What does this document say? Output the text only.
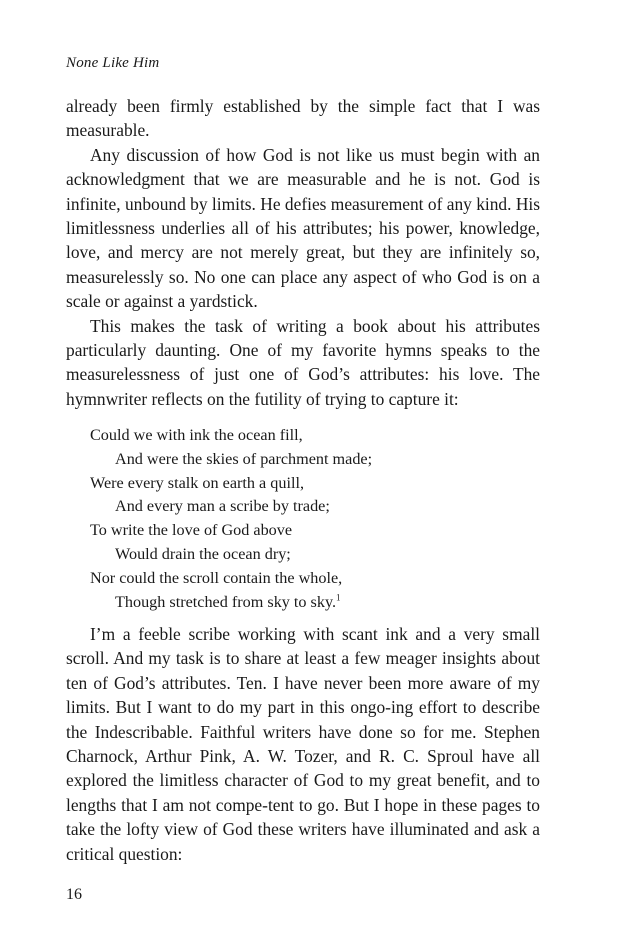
None Like Him

already been firmly established by the simple fact that I was measurable.

Any discussion of how God is not like us must begin with an acknowledgment that we are measurable and he is not. God is infinite, unbound by limits. He defies measurement of any kind. His limitlessness underlies all of his attributes; his power, knowledge, love, and mercy are not merely great, but they are infinitely so, measurelessly so. No one can place any aspect of who God is on a scale or against a yardstick.

This makes the task of writing a book about his attributes particularly daunting. One of my favorite hymns speaks to the measurelessness of just one of God’s attributes: his love. The hymnwriter reflects on the futility of trying to capture it:

Could we with ink the ocean fill,
And were the skies of parchment made;
Were every stalk on earth a quill,
And every man a scribe by trade;
To write the love of God above
Would drain the ocean dry;
Nor could the scroll contain the whole,
Though stretched from sky to sky.$^1$

I’m a feeble scribe working with scant ink and a very small scroll. And my task is to share at least a few meager insights about ten of God’s attributes. Ten. I have never been more aware of my limits. But I want to do my part in this ongo-ing effort to describe the Indescribable. Faithful writers have done so for me. Stephen Charnock, Arthur Pink, A. W. Tozer, and R. C. Sproul have all explored the limitless character of God to my great benefit, and to lengths that I am not compe-tent to go. But I hope in these pages to take the lofty view of God these writers have illuminated and ask a critical question:

16
